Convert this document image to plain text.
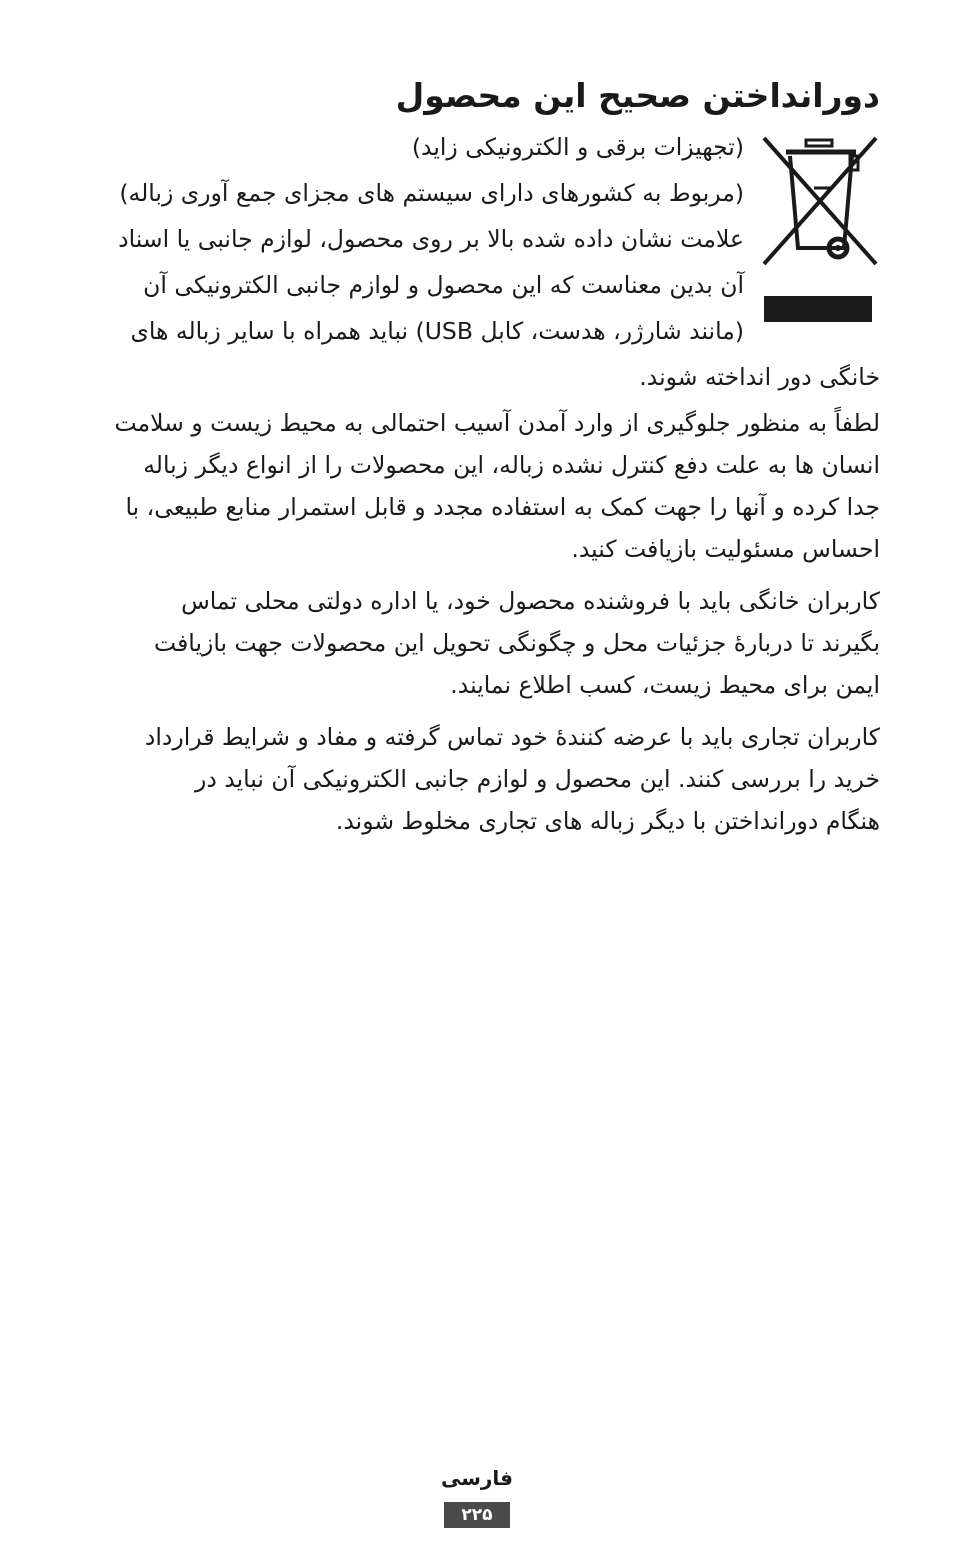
دورانداختن صحیح این محصول

(تجهیزات برقی و الکترونیکی زاید)
(مربوط به کشورهای دارای سیستم های مجزای جمع آوری زباله)
علامت نشان داده شده بالا بر روی محصول، لوازم جانبی یا اسناد
آن بدین معناست که این محصول و لوازم جانبی الکترونیکی آن
(مانند شارژر، هدست، کابل USB) نباید همراه با سایر زباله های

خانگی دور انداخته شوند.

لطفاً به منظور جلوگیری از وارد آمدن آسیب احتمالی به محیط زیست و سلامت
انسان ها به علت دفع کنترل نشده زباله، این محصولات را از انواع دیگر زباله
جدا کرده و آنها را جهت کمک به استفاده مجدد و قابل استمرار منابع طبیعی، با
احساس مسئولیت بازیافت کنید.

کاربران خانگی باید با فروشنده محصول خود، یا اداره دولتی محلی تماس
بگیرند تا دربارهٔ جزئیات محل و چگونگی تحویل این محصولات جهت بازیافت
ایمن برای محیط زیست، کسب اطلاع نمایند.

کاربران تجاری باید با عرضه کنندهٔ خود تماس گرفته و مفاد و شرایط قرارداد
خرید را بررسی کنند. این محصول و لوازم جانبی الکترونیکی آن نباید در
هنگام دورانداختن با دیگر زباله های تجاری مخلوط شوند.

فارسی
۲۲۵
